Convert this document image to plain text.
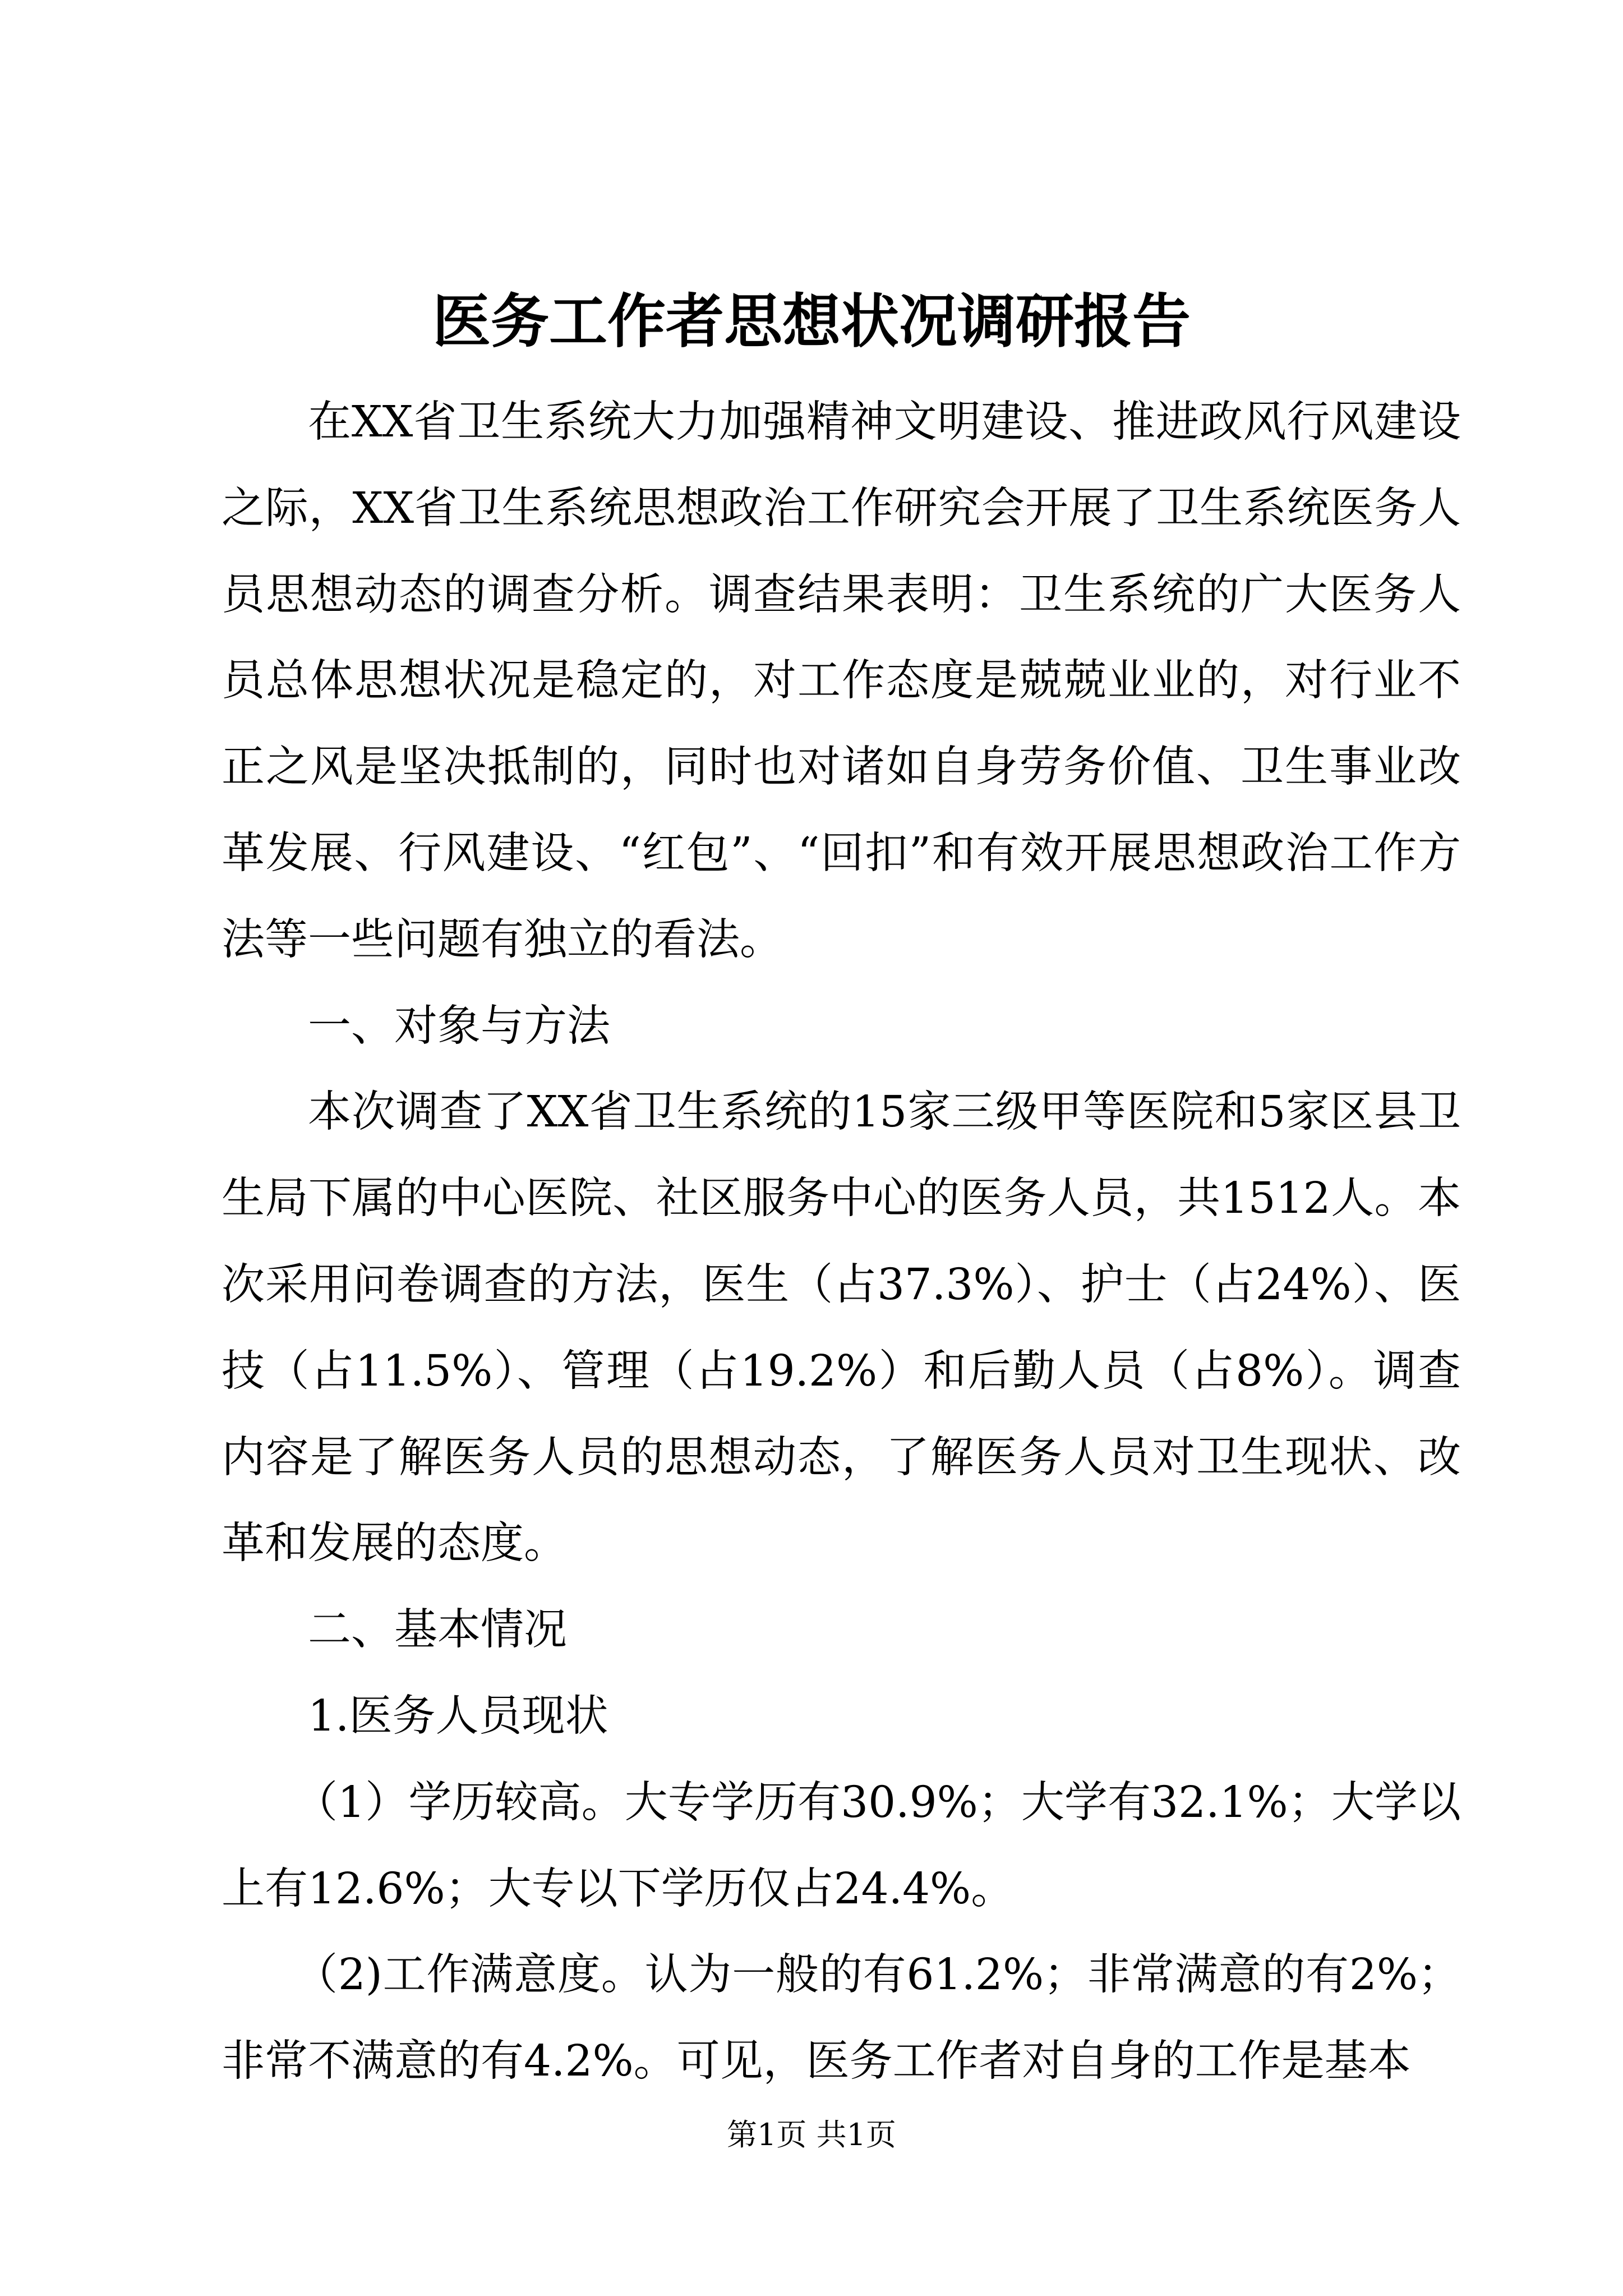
医务工作者思想状况调研报告

在XX省卫生系统大力加强精神文明建设、推进政风行风建设之际，XX省卫生系统思想政治工作研究会开展了卫生系统医务人员思想动态的调查分析。调查结果表明：卫生系统的广大医务人员总体思想状况是稳定的，对工作态度是兢兢业业的，对行业不正之风是坚决抵制的，同时也对诸如自身劳务价值、卫生事业改革发展、行风建设、“红包”、“回扣”和有效开展思想政治工作方法等一些问题有独立的看法。

一、对象与方法

本次调查了XX省卫生系统的15家三级甲等医院和5家区县卫生局下属的中心医院、社区服务中心的医务人员，共1512人。本次采用问卷调查的方法，医生（占37.3%）、护士（占24%）、医技（占11.5%）、管理（占19.2%）和后勤人员（占8%）。调查内容是了解医务人员的思想动态，了解医务人员对卫生现状、改革和发展的态度。

二、基本情况

1.医务人员现状

（1）学历较高。大专学历有30.9%；大学有32.1%；大学以上有12.6%；大专以下学历仅占24.4%。

（2)工作满意度。认为一般的有61.2%；非常满意的有2%；非常不满意的有4.2%。可见，医务工作者对自身的工作是基本

第1页 共1页
